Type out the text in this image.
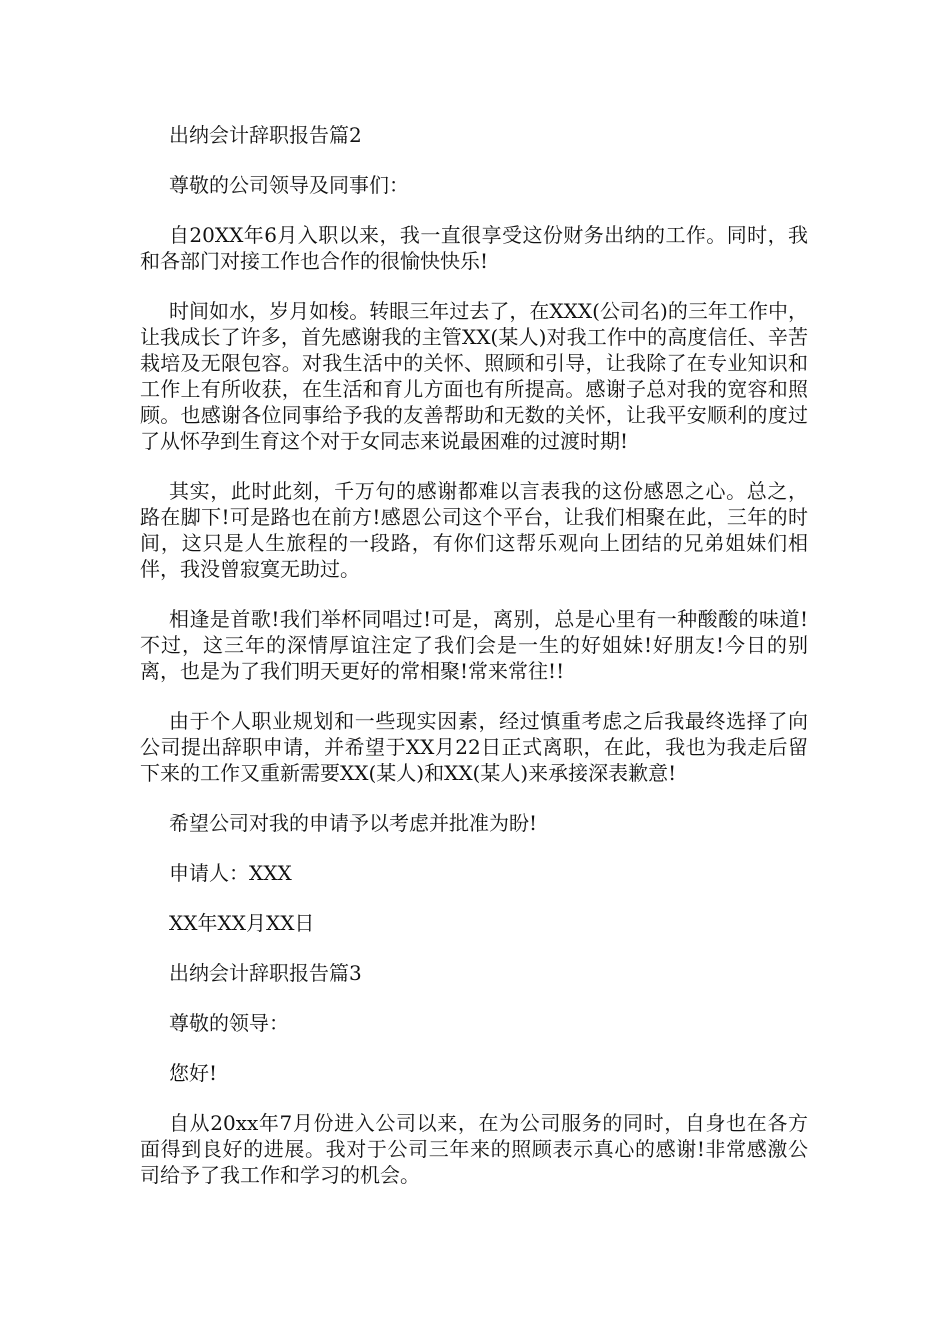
出纳会计辞职报告篇2

尊敬的公司领导及同事们：

自20XX年6月入职以来，我一直很享受这份财务出纳的工作。同时，我和各部门对接工作也合作的很愉快快乐!

时间如水，岁月如梭。转眼三年过去了，在XXX(公司名)的三年工作中，让我成长了许多，首先感谢我的主管XX(某人)对我工作中的高度信任、辛苦栽培及无限包容。对我生活中的关怀、照顾和引导，让我除了在专业知识和工作上有所收获，在生活和育儿方面也有所提高。感谢子总对我的宽容和照顾。也感谢各位同事给予我的友善帮助和无数的关怀，让我平安顺利的度过了从怀孕到生育这个对于女同志来说最困难的过渡时期!

其实，此时此刻，千万句的感谢都难以言表我的这份感恩之心。总之，路在脚下!可是路也在前方!感恩公司这个平台，让我们相聚在此，三年的时间，这只是人生旅程的一段路，有你们这帮乐观向上团结的兄弟姐妹们相伴，我没曾寂寞无助过。

相逢是首歌!我们举杯同唱过!可是，离别，总是心里有一种酸酸的味道!不过，这三年的深情厚谊注定了我们会是一生的好姐妹!好朋友!今日的别离，也是为了我们明天更好的常相聚!常来常往!!

由于个人职业规划和一些现实因素，经过慎重考虑之后我最终选择了向公司提出辞职申请，并希望于XX月22日正式离职，在此，我也为我走后留下来的工作又重新需要XX(某人)和XX(某人)来承接深表歉意!

希望公司对我的申请予以考虑并批准为盼!

申请人：XXX

XX年XX月XX日

出纳会计辞职报告篇3

尊敬的领导：

您好!

自从20xx年7月份进入公司以来，在为公司服务的同时，自身也在各方面得到良好的进展。我对于公司三年来的照顾表示真心的感谢!非常感激公司给予了我工作和学习的机会。
